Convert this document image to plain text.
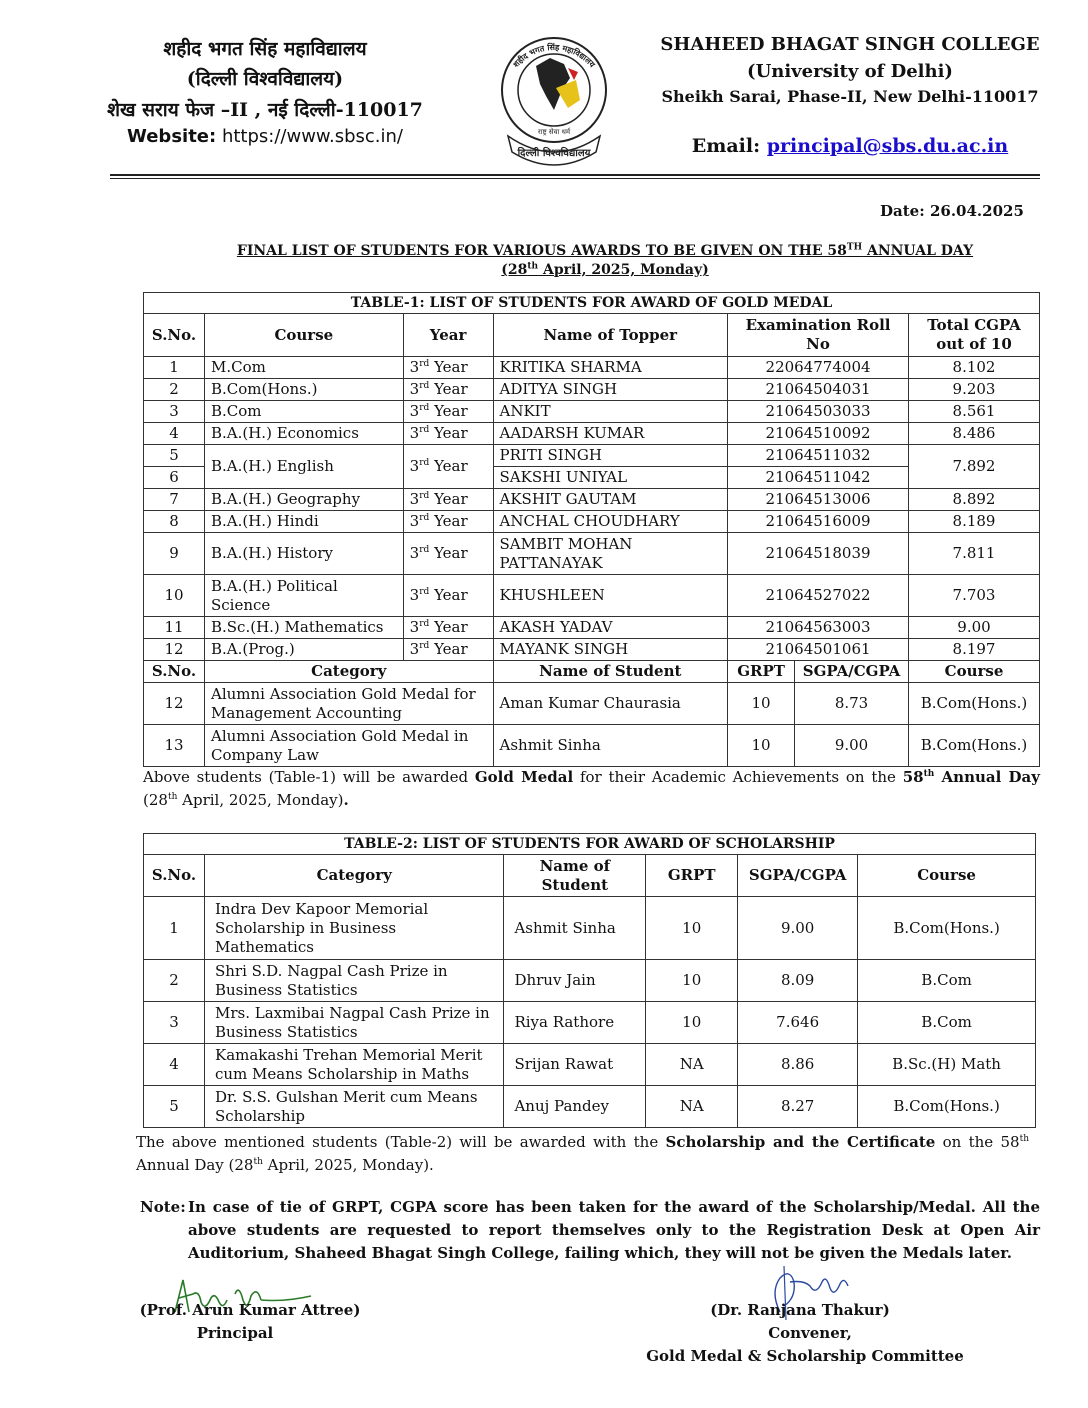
शहीद भगत सिंह महाविद्यालय
(दिल्ली विश्वविद्यालय)
शेख सराय फेज –II , नई दिल्ली-110017
Website: https://www.sbsc.in/
शहीद भगत सिंह महाविद्यालय
राष्ट्र सेवा धर्म
दिल्ली विश्वविद्यालय
SHAHEED BHAGAT SINGH COLLEGE
(University of Delhi)
Sheikh Sarai, Phase-II, New Delhi-110017
Email: principal@sbs.du.ac.in
Date: 26.04.2025
FINAL LIST OF STUDENTS FOR VARIOUS AWARDS TO BE GIVEN ON THE 58TH ANNUAL DAY
(28th April, 2025, Monday)
TABLE-1: LIST OF STUDENTS FOR AWARD OF GOLD MEDAL						
S.No.	Course	Year	Name of Topper	Examination Roll No		Total CGPA out of 10
1	M.Com	3rd Year	KRITIKA SHARMA	22064774004		8.102
2	B.Com(Hons.)	3rd Year	ADITYA SINGH	21064504031		9.203
3	B.Com	3rd Year	ANKIT	21064503033		8.561
4	B.A.(H.) Economics	3rd Year	AADARSH KUMAR	21064510092		8.486
5	B.A.(H.) English	3rd Year	PRITI SINGH	21064511032		7.892
6			SAKSHI UNIYAL	21064511042		
7	B.A.(H.) Geography	3rd Year	AKSHIT GAUTAM	21064513006		8.892
8	B.A.(H.) Hindi	3rd Year	ANCHAL CHOUDHARY	21064516009		8.189
9	B.A.(H.) History	3rd Year	SAMBIT MOHAN PATTANAYAK	21064518039		7.811
10	B.A.(H.) Political Science	3rd Year	KHUSHLEEN	21064527022		7.703
11	B.Sc.(H.) Mathematics	3rd Year	AKASH YADAV	21064563003		9.00
12	B.A.(Prog.)	3rd Year	MAYANK SINGH	21064501061		8.197
S.No.	Category		Name of Student	GRPT	SGPA/CGPA	Course
12	Alumni Association Gold Medal for Management Accounting		Aman Kumar Chaurasia	10	8.73	B.Com(Hons.)
13	Alumni Association Gold Medal in Company Law		Ashmit Sinha	10	9.00	B.Com(Hons.)
Above students (Table-1) will be awarded Gold Medal for their Academic Achievements on the 58th Annual Day (28th April, 2025, Monday).
TABLE-2: LIST OF STUDENTS FOR AWARD OF SCHOLARSHIP					
S.No.	Category	Name of Student	GRPT	SGPA/CGPA	Course
1	Indra Dev Kapoor Memorial Scholarship in Business Mathematics	Ashmit Sinha	10	9.00	B.Com(Hons.)
2	Shri S.D. Nagpal Cash Prize in Business Statistics	Dhruv Jain	10	8.09	B.Com
3	Mrs. Laxmibai Nagpal Cash Prize in Business Statistics	Riya Rathore	10	7.646	B.Com
4	Kamakashi Trehan Memorial Merit cum Means Scholarship in Maths	Srijan Rawat	NA	8.86	B.Sc.(H) Math
5	Dr. S.S. Gulshan Merit cum Means Scholarship	Anuj Pandey	NA	8.27	B.Com(Hons.)
The above mentioned students (Table-2) will be awarded with the Scholarship and the Certificate on the 58th Annual Day (28th April, 2025, Monday).
Note: In case of tie of GRPT, CGPA score has been taken for the award of the Scholarship/Medal. All the above students are requested to report themselves only to the Registration Desk at Open Air Auditorium, Shaheed Bhagat Singh College, failing which, they will not be given the Medals later.
(Prof. Arun Kumar Attree)
Principal
(Dr. Ranjana Thakur)
Convener,
Gold Medal & Scholarship Committee
